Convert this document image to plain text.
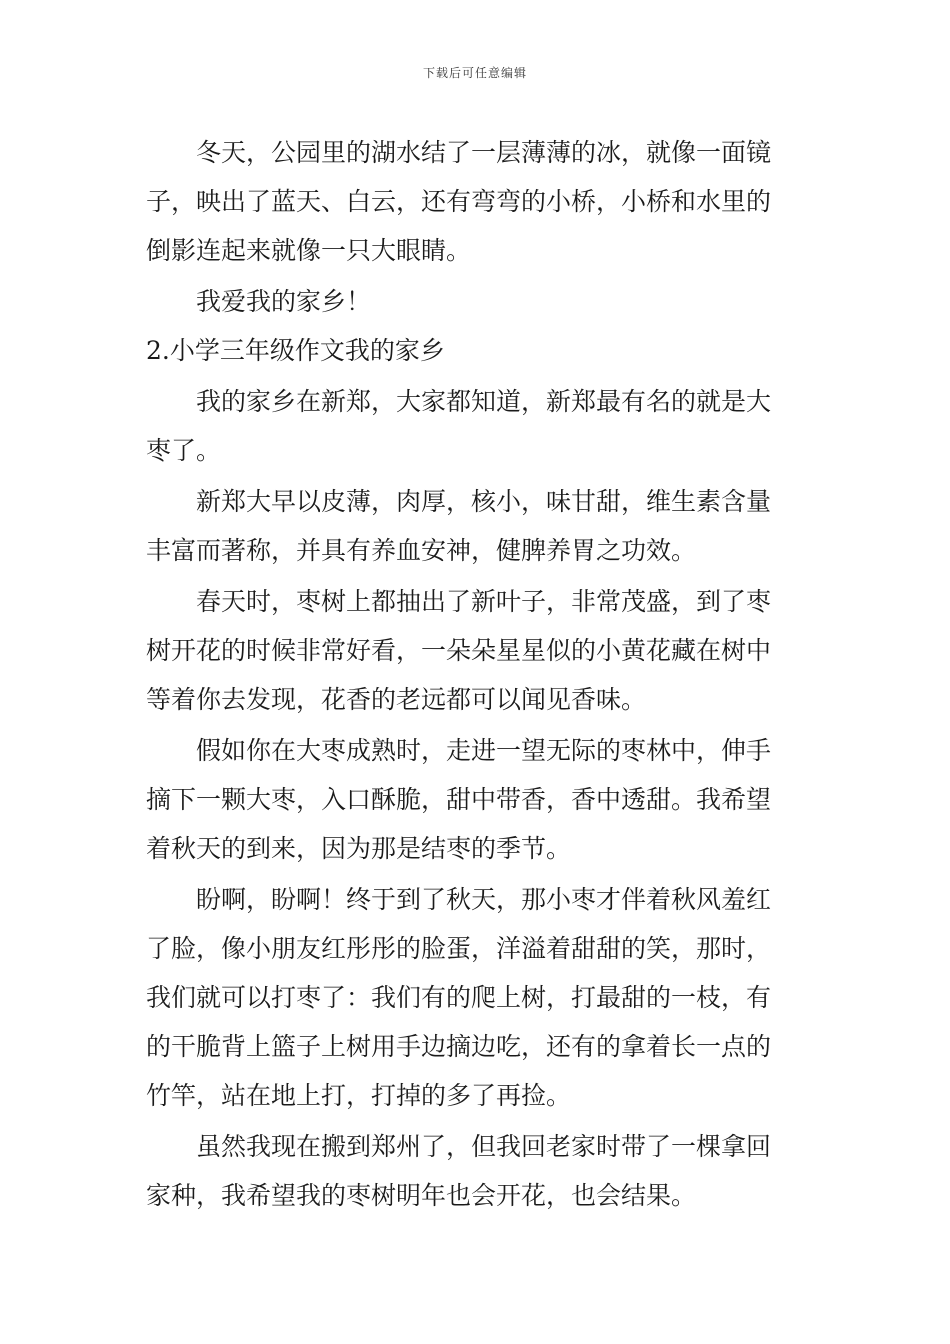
下载后可任意编辑
冬天，公园里的湖水结了一层薄薄的冰，就像一面镜
子，映出了蓝天、白云，还有弯弯的小桥，小桥和水里的
倒影连起来就像一只大眼睛。
我爱我的家乡！
2.小学三年级作文我的家乡
我的家乡在新郑，大家都知道，新郑最有名的就是大
枣了。
新郑大早以皮薄，肉厚，核小，味甘甜，维生素含量
丰富而著称，并具有养血安神，健脾养胃之功效。
春天时，枣树上都抽出了新叶子，非常茂盛，到了枣
树开花的时候非常好看，一朵朵星星似的小黄花藏在树中
等着你去发现，花香的老远都可以闻见香味。
假如你在大枣成熟时，走进一望无际的枣林中，伸手
摘下一颗大枣，入口酥脆，甜中带香，香中透甜。我希望
着秋天的到来，因为那是结枣的季节。
盼啊，盼啊！终于到了秋天，那小枣才伴着秋风羞红
了脸，像小朋友红彤彤的脸蛋，洋溢着甜甜的笑，那时，
我们就可以打枣了：我们有的爬上树，打最甜的一枝，有
的干脆背上篮子上树用手边摘边吃，还有的拿着长一点的
竹竿，站在地上打，打掉的多了再捡。
虽然我现在搬到郑州了，但我回老家时带了一棵拿回
家种，我希望我的枣树明年也会开花，也会结果。
